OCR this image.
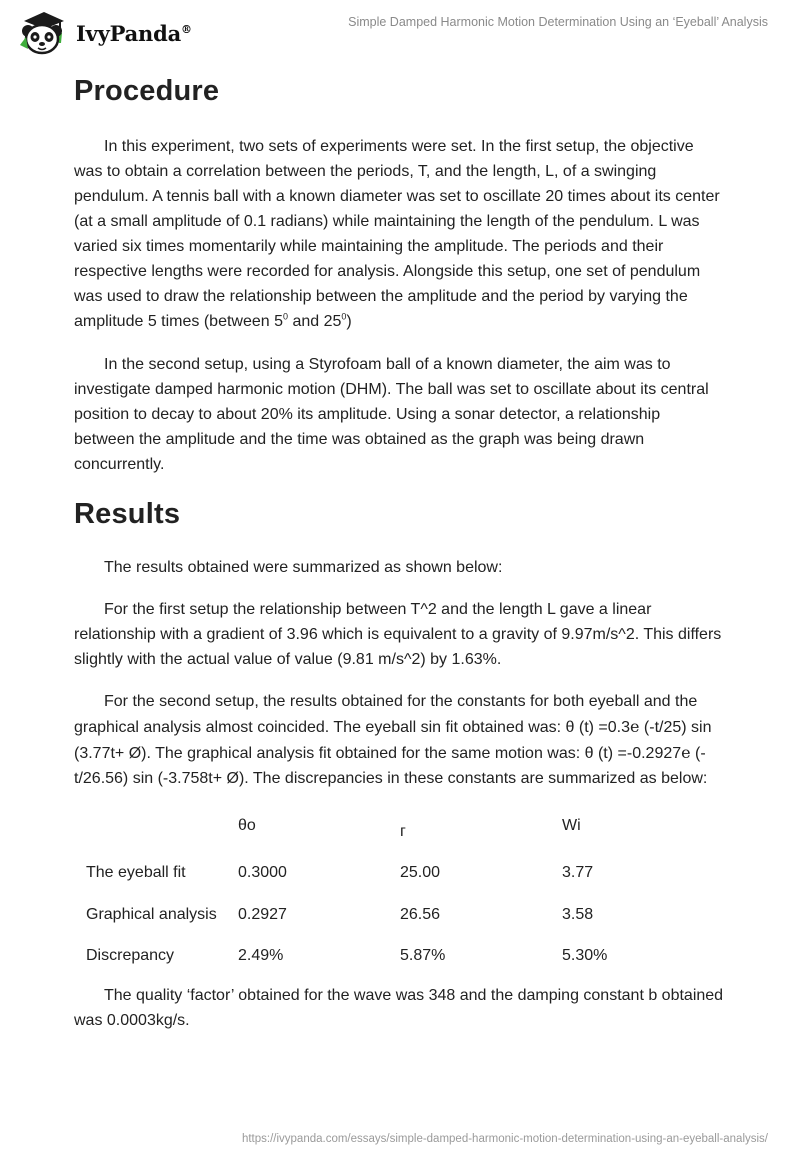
IvyPanda®	Simple Damped Harmonic Motion Determination Using an ‘Eyeball’ Analysis
Procedure

In this experiment, two sets of experiments were set. In the first setup, the objective was to obtain a correlation between the periods, T, and the length, L, of a swinging pendulum. A tennis ball with a known diameter was set to oscillate 20 times about its center (at a small amplitude of 0.1 radians) while maintaining the length of the pendulum. L was varied six times momentarily while maintaining the amplitude. The periods and their respective lengths were recorded for analysis. Alongside this setup, one set of pendulum was used to draw the relationship between the amplitude and the period by varying the amplitude 5 times (between $5^0$ and $25^0$)

In the second setup, using a Styrofoam ball of a known diameter, the aim was to investigate damped harmonic motion (DHM). The ball was set to oscillate about its central position to decay to about 20% its amplitude. Using a sonar detector, a relationship between the amplitude and the time was obtained as the graph was being drawn concurrently.

Results

The results obtained were summarized as shown below:

For the first setup the relationship between T^2 and the length L gave a linear relationship with a gradient of 3.96 which is equivalent to a gravity of 9.97m/s^2. This differs slightly with the actual value of value (9.81 m/s^2) by 1.63%.

For the second setup, the results obtained for the constants for both eyeball and the graphical analysis almost coincided. The eyeball sin fit obtained was: θ (t) =0.3e (-t/25) sin (3.77t+ Ø). The graphical analysis fit obtained for the same motion was: θ (t) =-0.2927e (-t/26.56) sin (-3.758t+ Ø). The discrepancies in these constants are summarized as below:

	θo	ᴦ	Wi
The eyeball fit	0.3000	25.00	3.77
Graphical analysis	0.2927	26.56	3.58
Discrepancy	2.49%	5.87%	5.30%

The quality ‘factor’ obtained for the wave was 348 and the damping constant b obtained was 0.0003kg/s.

https://ivypanda.com/essays/simple-damped-harmonic-motion-determination-using-an-eyeball-analysis/
